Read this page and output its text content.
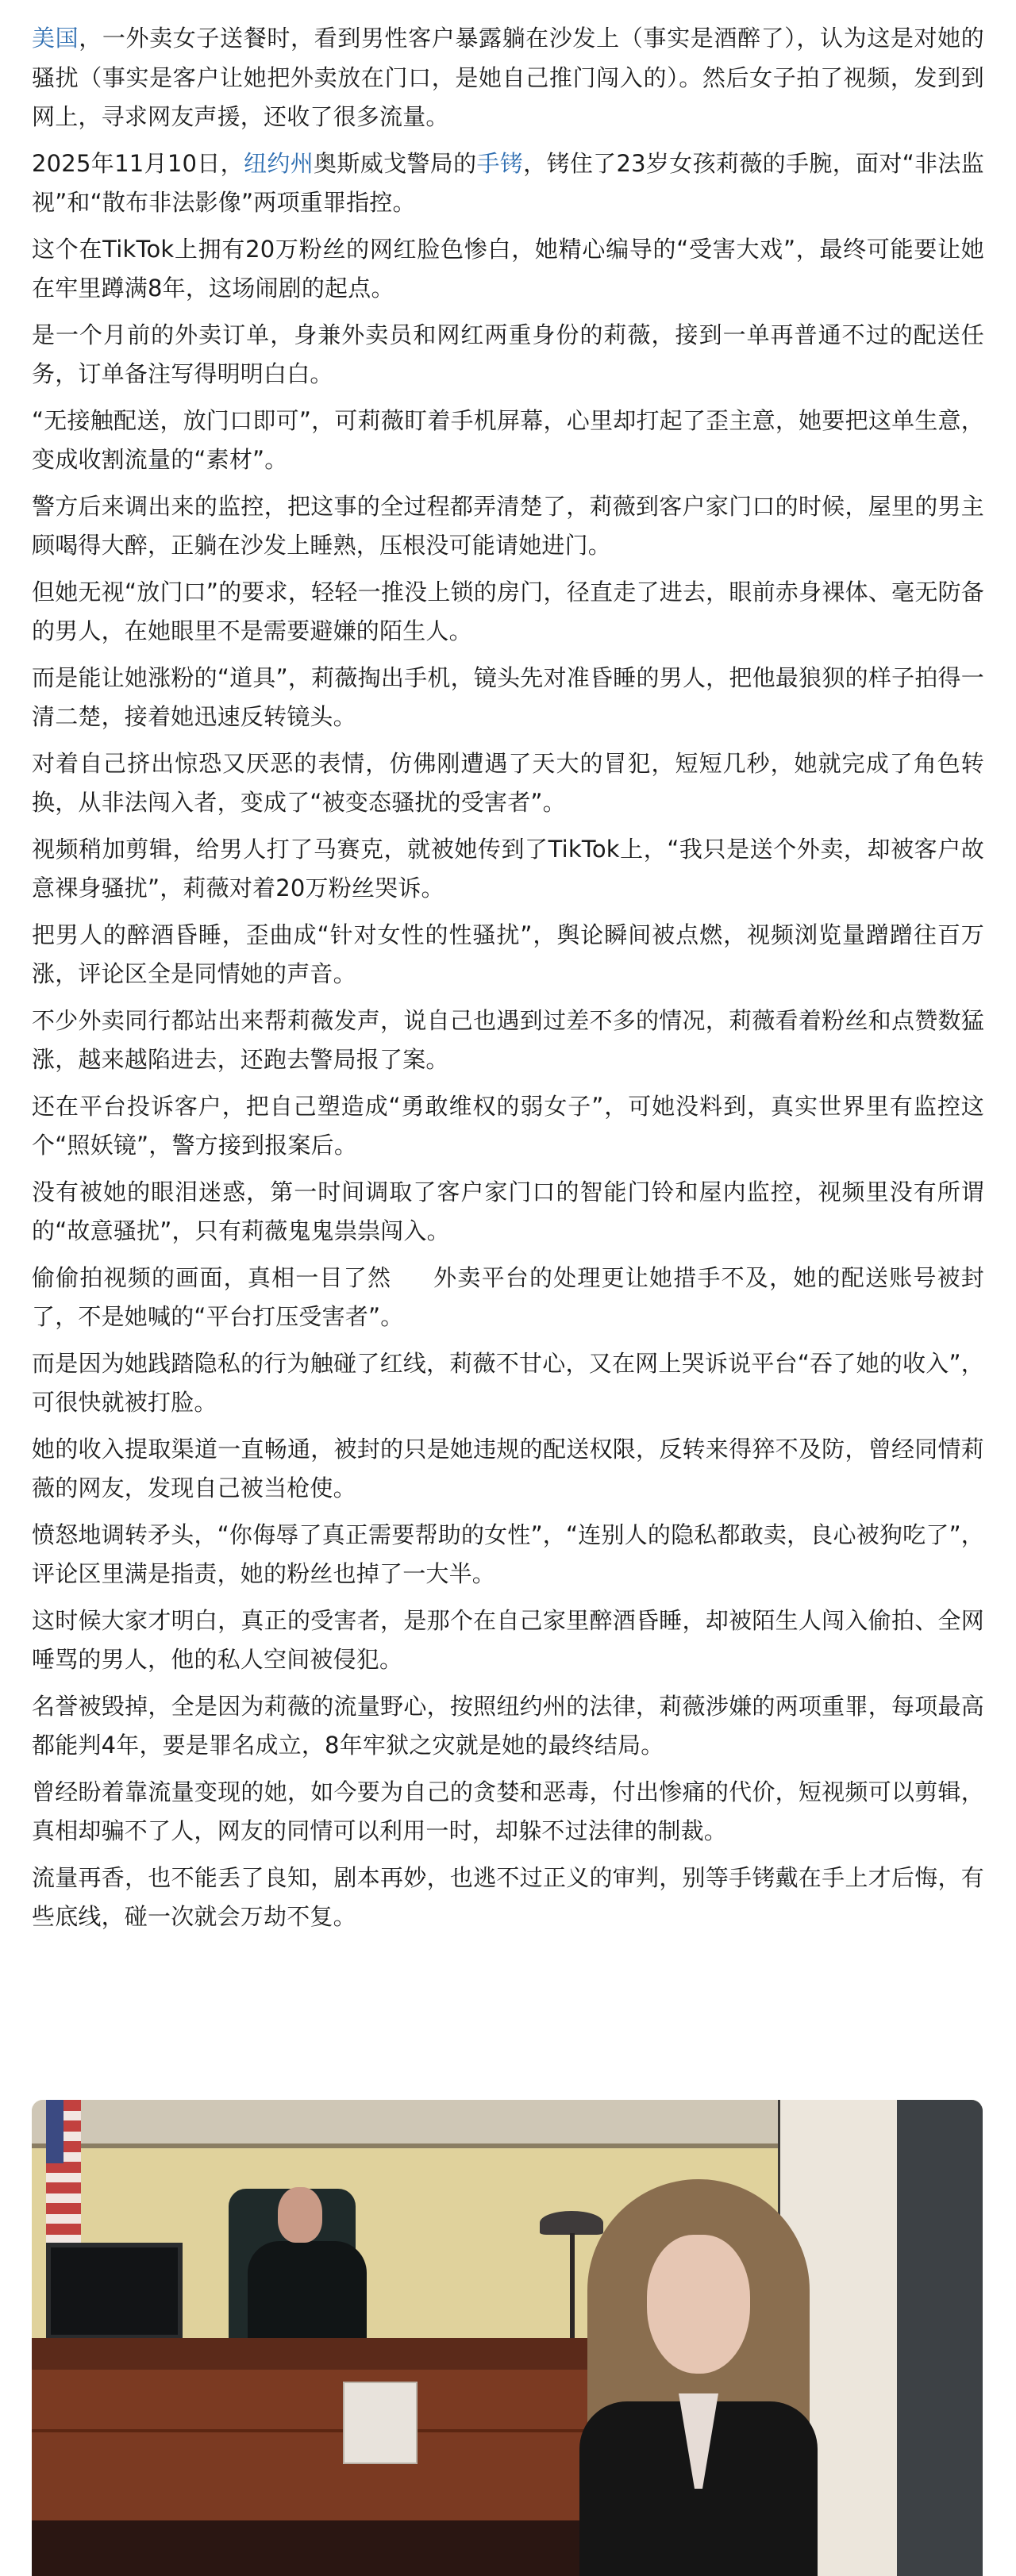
美国，一外卖女子送餐时，看到男性客户暴露躺在沙发上（事实是酒醉了），认为这是对她的骚扰（事实是客户让她把外卖放在门口，是她自己推门闯入的）。然后女子拍了视频，发到到网上，寻求网友声援，还收了很多流量。

2025年11月10日，纽约州奥斯威戈警局的手铐，铐住了23岁女孩莉薇的手腕，面对“非法监视”和“散布非法影像”两项重罪指控。

这个在TikTok上拥有20万粉丝的网红脸色惨白，她精心编导的“受害大戏”，最终可能要让她在牢里蹲满8年，这场闹剧的起点。

是一个月前的外卖订单，身兼外卖员和网红两重身份的莉薇，接到一单再普通不过的配送任务，订单备注写得明明白白。

“无接触配送，放门口即可”，可莉薇盯着手机屏幕，心里却打起了歪主意，她要把这单生意，变成收割流量的“素材”。

警方后来调出来的监控，把这事的全过程都弄清楚了，莉薇到客户家门口的时候，屋里的男主顾喝得大醉，正躺在沙发上睡熟，压根没可能请她进门。

但她无视“放门口”的要求，轻轻一推没上锁的房门，径直走了进去，眼前赤身裸体、毫无防备的男人，在她眼里不是需要避嫌的陌生人。

而是能让她涨粉的“道具”，莉薇掏出手机，镜头先对准昏睡的男人，把他最狼狈的样子拍得一清二楚，接着她迅速反转镜头。

对着自己挤出惊恐又厌恶的表情，仿佛刚遭遇了天大的冒犯，短短几秒，她就完成了角色转换，从非法闯入者，变成了“被变态骚扰的受害者”。

视频稍加剪辑，给男人打了马赛克，就被她传到了TikTok上，“我只是送个外卖，却被客户故意裸身骚扰”，莉薇对着20万粉丝哭诉。

把男人的醉酒昏睡，歪曲成“针对女性的性骚扰”，舆论瞬间被点燃，视频浏览量蹭蹭往百万涨，评论区全是同情她的声音。

不少外卖同行都站出来帮莉薇发声，说自己也遇到过差不多的情况，莉薇看着粉丝和点赞数猛涨，越来越陷进去，还跑去警局报了案。

还在平台投诉客户，把自己塑造成“勇敢维权的弱女子”，可她没料到，真实世界里有监控这个“照妖镜”，警方接到报案后。

没有被她的眼泪迷惑，第一时间调取了客户家门口的智能门铃和屋内监控，视频里没有所谓的“故意骚扰”，只有莉薇鬼鬼祟祟闯入。

偷偷拍视频的画面，真相一目了然 外卖平台的处理更让她措手不及，她的配送账号被封了，不是她喊的“平台打压受害者”。

而是因为她践踏隐私的行为触碰了红线，莉薇不甘心，又在网上哭诉说平台“吞了她的收入”，可很快就被打脸。

她的收入提取渠道一直畅通，被封的只是她违规的配送权限，反转来得猝不及防，曾经同情莉薇的网友，发现自己被当枪使。

愤怒地调转矛头，“你侮辱了真正需要帮助的女性”，“连别人的隐私都敢卖，良心被狗吃了”，评论区里满是指责，她的粉丝也掉了一大半。

这时候大家才明白，真正的受害者，是那个在自己家里醉酒昏睡，却被陌生人闯入偷拍、全网唾骂的男人，他的私人空间被侵犯。

名誉被毁掉，全是因为莉薇的流量野心，按照纽约州的法律，莉薇涉嫌的两项重罪，每项最高都能判4年，要是罪名成立，8年牢狱之灾就是她的最终结局。

曾经盼着靠流量变现的她，如今要为自己的贪婪和恶毒，付出惨痛的代价，短视频可以剪辑，真相却骗不了人，网友的同情可以利用一时，却躲不过法律的制裁。

流量再香，也不能丢了良知，剧本再妙，也逃不过正义的审判，别等手铐戴在手上才后悔，有些底线，碰一次就会万劫不复。
